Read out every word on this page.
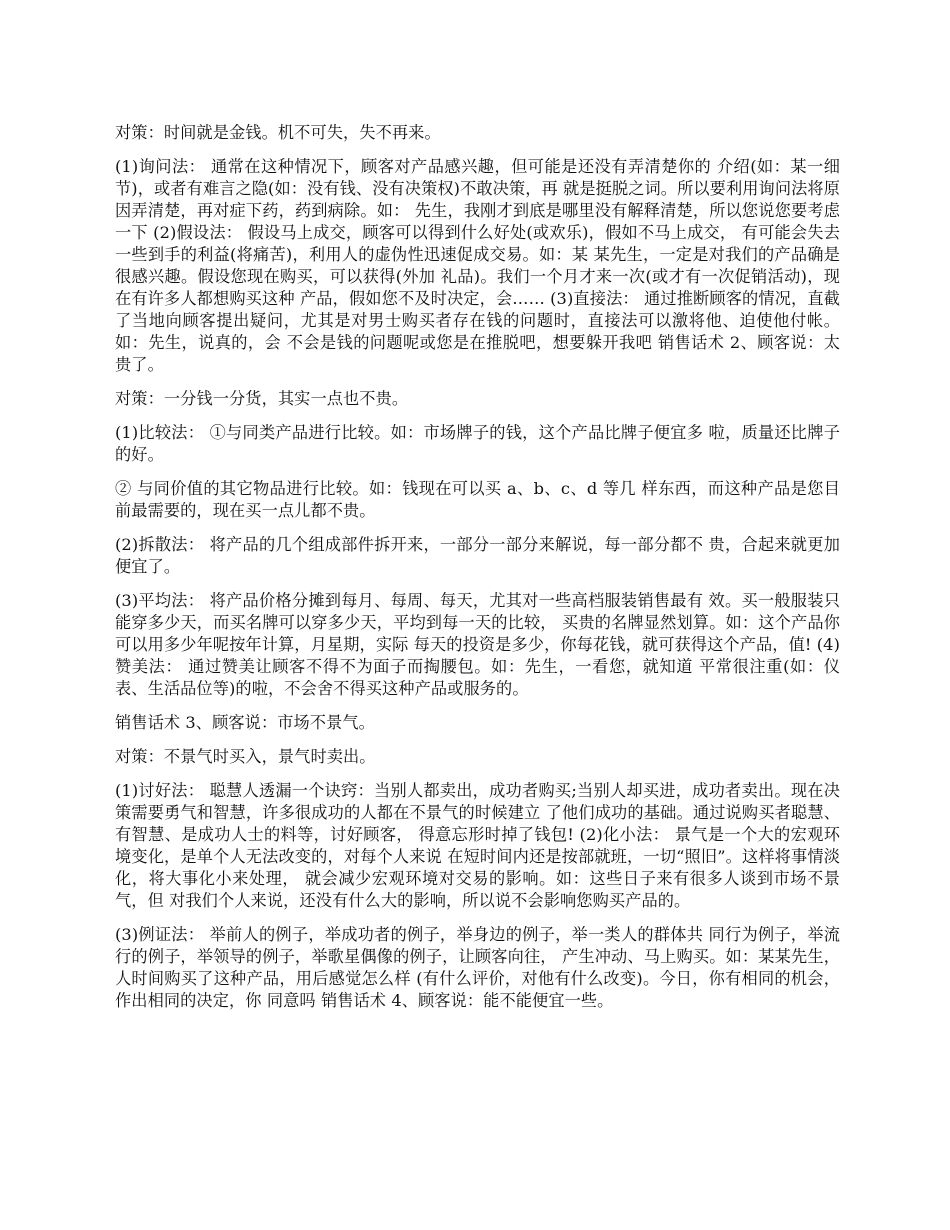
对策：时间就是金钱。机不可失，失不再来。

(1)询问法： 通常在这种情况下，顾客对产品感兴趣，但可能是还没有弄清楚你的 介绍(如：某一细节)，或者有难言之隐(如：没有钱、没有决策权)不敢决策，再 就是挺脱之词。所以要利用询问法将原因弄清楚，再对症下药，药到病除。如： 先生，我刚才到底是哪里没有解释清楚，所以您说您要考虑一下 (2)假设法： 假设马上成交，顾客可以得到什么好处(或欢乐)，假如不马上成交， 有可能会失去一些到手的利益(将痛苦)，利用人的虚伪性迅速促成交易。如：某 某先生，一定是对我们的产品确是很感兴趣。假设您现在购买，可以获得(外加 礼品)。我们一个月才来一次(或才有一次促销活动)，现在有许多人都想购买这种 产品，假如您不及时决定，会…… (3)直接法： 通过推断顾客的情况，直截了当地向顾客提出疑问，尤其是对男士购买者存在钱的问题时，直接法可以激将他、迫使他付帐。如：先生，说真的，会 不会是钱的问题呢或您是在推脱吧，想要躲开我吧 销售话术 2、顾客说：太贵了。

对策：一分钱一分货，其实一点也不贵。

(1)比较法： ①与同类产品进行比较。如：市场牌子的钱，这个产品比牌子便宜多 啦，质量还比牌子的好。

② 与同价值的其它物品进行比较。如：钱现在可以买 a、b、c、d 等几 样东西，而这种产品是您目前最需要的，现在买一点儿都不贵。

(2)拆散法： 将产品的几个组成部件拆开来，一部分一部分来解说，每一部分都不 贵，合起来就更加便宜了。

(3)平均法： 将产品价格分摊到每月、每周、每天，尤其对一些高档服装销售最有 效。买一般服装只能穿多少天，而买名牌可以穿多少天，平均到每一天的比较， 买贵的名牌显然划算。如：这个产品你可以用多少年呢按年计算，月星期，实际 每天的投资是多少，你每花钱，就可获得这个产品，值! (4)赞美法： 通过赞美让顾客不得不为面子而掏腰包。如：先生，一看您，就知道 平常很注重(如：仪表、生活品位等)的啦，不会舍不得买这种产品或服务的。

销售话术 3、顾客说：市场不景气。

对策：不景气时买入，景气时卖出。

(1)讨好法： 聪慧人透漏一个诀窍：当别人都卖出，成功者购买;当别人却买进，成功者卖出。现在决策需要勇气和智慧，许多很成功的人都在不景气的时候建立 了他们成功的基础。通过说购买者聪慧、有智慧、是成功人士的料等，讨好顾客， 得意忘形时掉了钱包! (2)化小法： 景气是一个大的宏观环境变化，是单个人无法改变的，对每个人来说 在短时间内还是按部就班，一切“照旧”。这样将事情淡化，将大事化小来处理， 就会减少宏观环境对交易的影响。如：这些日子来有很多人谈到市场不景气，但 对我们个人来说，还没有什么大的影响，所以说不会影响您购买产品的。

(3)例证法： 举前人的例子，举成功者的例子，举身边的例子，举一类人的群体共 同行为例子，举流行的例子，举领导的例子，举歌星偶像的例子，让顾客向往， 产生冲动、马上购买。如：某某先生，人时间购买了这种产品，用后感觉怎么样 (有什么评价，对他有什么改变)。今日，你有相同的机会，作出相同的决定，你 同意吗 销售话术 4、顾客说：能不能便宜一些。
